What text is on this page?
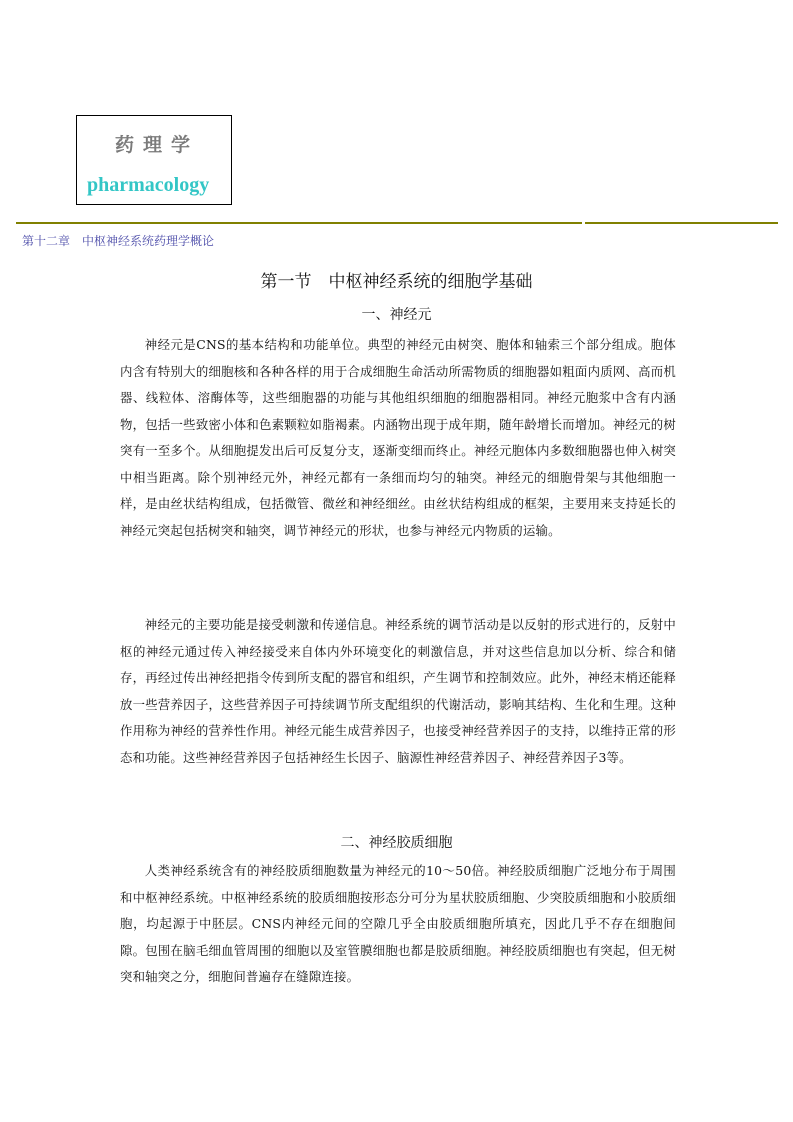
药理学
pharmacology
第十二章　中枢神经系统药理学概论
第一节　中枢神经系统的细胞学基础
一、神经元

神经元是CNS的基本结构和功能单位。典型的神经元由树突、胞体和轴索三个部分组成。胞体内含有特别大的细胞核和各种各样的用于合成细胞生命活动所需物质的细胞器如粗面内质网、高而机器、线粒体、溶酶体等，这些细胞器的功能与其他组织细胞的细胞器相同。神经元胞浆中含有内涵物，包括一些致密小体和色素颗粒如脂褐素。内涵物出现于成年期，随年龄增长而增加。神经元的树突有一至多个。从细胞提发出后可反复分支，逐渐变细而终止。神经元胞体内多数细胞器也伸入树突中相当距离。除个别神经元外，神经元都有一条细而均匀的轴突。神经元的细胞骨架与其他细胞一样，是由丝状结构组成，包括微管、微丝和神经细丝。由丝状结构组成的框架，主要用来支持延长的神经元突起包括树突和轴突，调节神经元的形状，也参与神经元内物质的运输。

神经元的主要功能是接受刺激和传递信息。神经系统的调节活动是以反射的形式进行的，反射中枢的神经元通过传入神经接受来自体内外环境变化的刺激信息，并对这些信息加以分析、综合和储存，再经过传出神经把指令传到所支配的器官和组织，产生调节和控制效应。此外，神经末梢还能释放一些营养因子，这些营养因子可持续调节所支配组织的代谢活动，影响其结构、生化和生理。这种作用称为神经的营养性作用。神经元能生成营养因子，也接受神经营养因子的支持，以维持正常的形态和功能。这些神经营养因子包括神经生长因子、脑源性神经营养因子、神经营养因子3等。

二、神经胶质细胞

人类神经系统含有的神经胶质细胞数量为神经元的10～50倍。神经胶质细胞广泛地分布于周围和中枢神经系统。中枢神经系统的胶质细胞按形态分可分为星状胶质细胞、少突胶质细胞和小胶质细胞，均起源于中胚层。CNS内神经元间的空隙几乎全由胶质细胞所填充，因此几乎不存在细胞间隙。包围在脑毛细血管周围的细胞以及室管膜细胞也都是胶质细胞。神经胶质细胞也有突起，但无树突和轴突之分，细胞间普遍存在缝隙连接。
